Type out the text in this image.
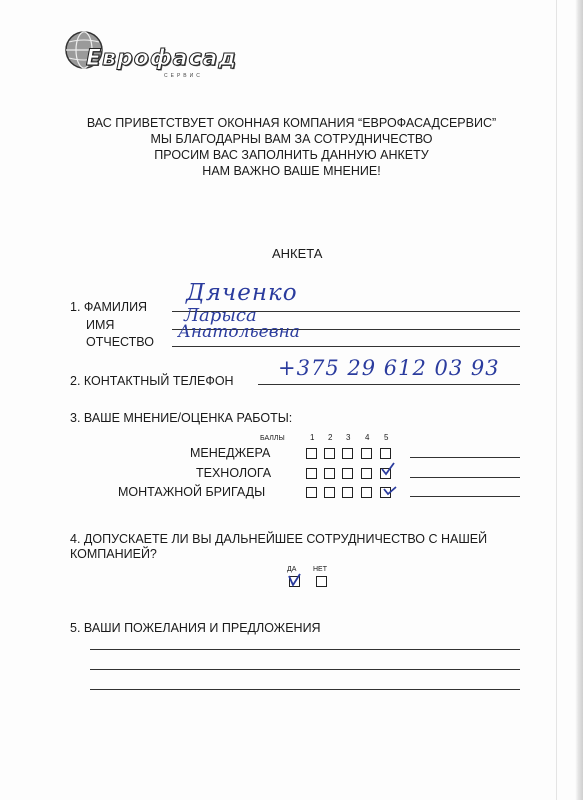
Еврофасад
СЕРВИС
ВАС ПРИВЕТСТВУЕТ ОКОННАЯ КОМПАНИЯ “ЕВРОФАСАДСЕРВИС”
МЫ БЛАГОДАРНЫ ВАМ ЗА СОТРУДНИЧЕСТВО
ПРОСИМ ВАС ЗАПОЛНИТЬ ДАННУЮ АНКЕТУ
НАМ ВАЖНО ВАШЕ МНЕНИЕ!
АНКЕТА
1. ФАМИЛИЯ
Дяченко
ИМЯ	Ларыса
ОТЧЕСТВО Анатольевна
2. КОНТАКТНЫЙ ТЕЛЕФОН
+375 29 612 03 93
3. ВАШЕ МНЕНИЕ/ОЦЕНКА РАБОТЫ:
БАЛЛЫ	1 2 3 4 5
МЕНЕДЖЕРА
ТЕХНОЛОГА
МОНТАЖНОЙ БРИГАДЫ
4. ДОПУСКАЕТЕ ЛИ ВЫ ДАЛЬНЕЙШЕЕ СОТРУДНИЧЕСТВО С НАШЕЙ
КОМПАНИЕЙ?
ДА НЕТ
5. ВАШИ ПОЖЕЛАНИЯ И ПРЕДЛОЖЕНИЯ
